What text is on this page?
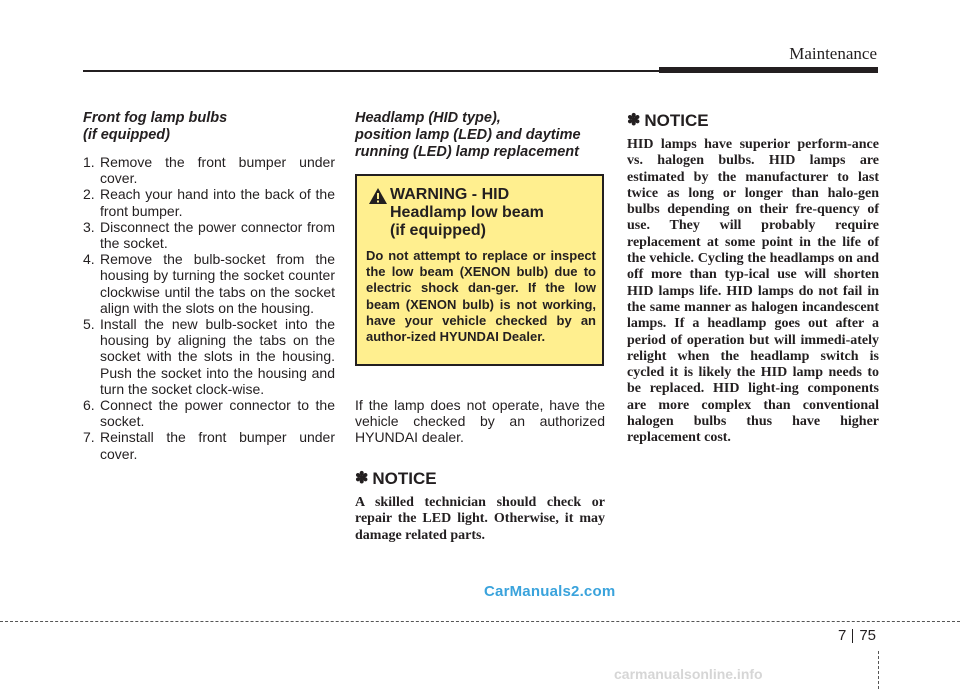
Maintenance
Front fog lamp bulbs
(if equipped)
1. Remove the front bumper under cover.
2. Reach your hand into the back of the front bumper.
3. Disconnect the power connector from the socket.
4. Remove the bulb-socket from the housing by turning the socket counter clockwise until the tabs on the socket align with the slots on the housing.
5. Install the new bulb-socket into the housing by aligning the tabs on the socket with the slots in the housing. Push the socket into the housing and turn the socket clock-wise.
6. Connect the power connector to the socket.
7. Reinstall the front bumper under cover.
Headlamp (HID type),
position lamp (LED) and daytime
running (LED) lamp replacement
WARNING - HID
Headlamp low beam
(if equipped)
Do not attempt to replace or inspect the low beam (XENON bulb) due to electric shock dan-ger. If the low beam (XENON bulb) is not working, have your vehicle checked by an author-ized HYUNDAI Dealer.
If the lamp does not operate, have the vehicle checked by an authorized HYUNDAI dealer.
✽ NOTICE
A skilled technician should check or repair the LED light. Otherwise, it may damage related parts.
✽ NOTICE
HID lamps have superior perform-ance vs. halogen bulbs. HID lamps are estimated by the manufacturer to last twice as long or longer than halo-gen bulbs depending on their fre-quency of use. They will probably require replacement at some point in the life of the vehicle. Cycling the headlamps on and off more than typ-ical use will shorten HID lamps life. HID lamps do not fail in the same manner as halogen incandescent lamps. If a headlamp goes out after a period of operation but will immedi-ately relight when the headlamp switch is cycled it is likely the HID lamp needs to be replaced. HID light-ing components are more complex than conventional halogen bulbs thus have higher replacement cost.
CarManuals2.com
7 75
carmanualsonline.info
